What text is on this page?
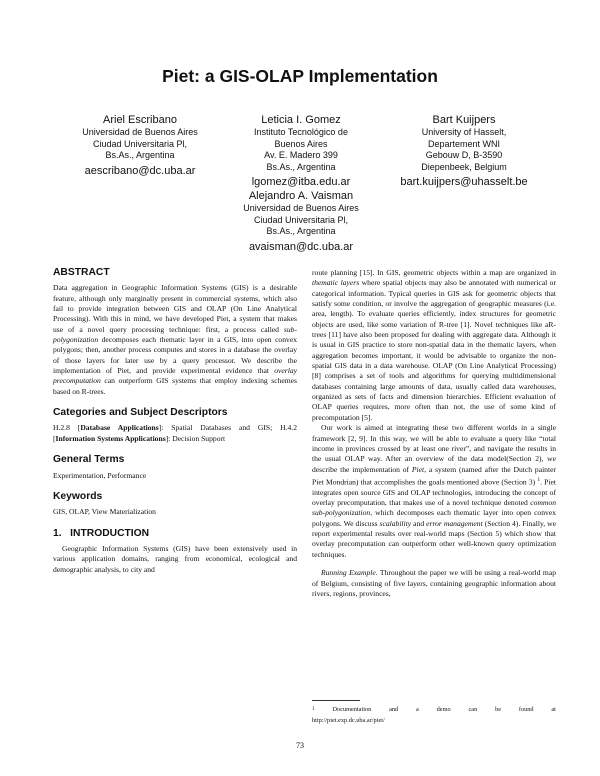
Piet: a GIS-OLAP Implementation
Ariel Escribano
Universidad de Buenos Aires
Ciudad Universitaria Pl,
Bs.As., Argentina
aescribano@dc.uba.ar
Leticia I. Gomez
Instituto Tecnológico de
Buenos Aires
Av. E. Madero 399
Bs.As., Argentina
lgomez@itba.edu.ar
Bart Kuijpers
University of Hasselt,
Departement WNI
Gebouw D, B-3590
Diepenbeek, Belgium
bart.kuijpers@uhasselt.be
Alejandro A. Vaisman
Universidad de Buenos Aires
Ciudad Universitaria Pl,
Bs.As., Argentina
avaisman@dc.uba.ar
ABSTRACT

Data aggregation in Geographic Information Systems (GIS) is a desirable feature, although only marginally present in commercial systems, which also fail to provide integration between GIS and OLAP (On Line Analytical Processing). With this in mind, we have developed Piet, a system that makes use of a novel query processing technique: first, a process called sub-polygonization decomposes each thematic layer in a GIS, into open convex polygons; then, another process computes and stores in a database the overlay of those layers for later use by a query processor. We describe the implementation of Piet, and provide experimental evidence that overlay precomputation can outperform GIS systems that employ indexing schemes based on R-trees.

Categories and Subject Descriptors

H.2.8 [Database Applications]: Spatial Databases and GIS; H.4.2 [Information Systems Applications]: Decision Support

General Terms

Experimentation, Performance

Keywords

GIS, OLAP, View Materialization

1.   INTRODUCTION

Geographic Information Systems (GIS) have been extensively used in various application domains, ranging from economical, ecological and demographic analysis, to city and

route planning [15]. In GIS, geometric objects within a map are organized in thematic layers where spatial objects may also be annotated with numerical or categorical information. Typical queries in GIS ask for geometric objects that satisfy some condition, or involve the aggregation of geographic measures (i.e. area, length). To evaluate queries efficiently, index structures for geometric objects are used, like some variation of R-tree [1]. Novel techniques like aR-trees [11] have also been proposed for dealing with aggregate data. Although it is usual in GIS practice to store non-spatial data in the thematic layers, when aggregation becomes important, it would be advisable to organize the non-spatial GIS data in a data warehouse. OLAP (On Line Analytical Processing) [8] comprises a set of tools and algorithms for querying multidimensional databases containing large amounts of data, usually called data warehouses, organized as sets of facts and dimension hierarchies. Efficient evaluation of OLAP queries requires, more often than not, the use of some kind of precomputation [5].

Our work is aimed at integrating these two different worlds in a single framework [2, 9]. In this way, we will be able to evaluate a query like “total income in provinces crossed by at least one river”, and navigate the results in the usual OLAP way. After an overview of the data model(Section 2), we describe the implementation of Piet, a system (named after the Dutch painter Piet Mondrian) that accomplishes the goals mentioned above (Section 3) $^1$. Piet integrates open source GIS and OLAP technologies, introducing the concept of overlay precomputation, that makes use of a novel technique denoted common sub-polygonization, which decomposes each thematic layer into open convex polygons. We discuss scalability and error management (Section 4). Finally, we report experimental results over real-world maps (Section 5) which show that overlay precomputation can outperform other well-known query optimization techniques.

Running Example. Throughout the paper we will be using a real-world map of Belgium, consisting of five layers, containing geographic information about rivers, regions, provinces,

$^1$	Documentation	and	a	demo	can	be	found	at
http://piet.exp.dc.uba.ar/piet/
73
